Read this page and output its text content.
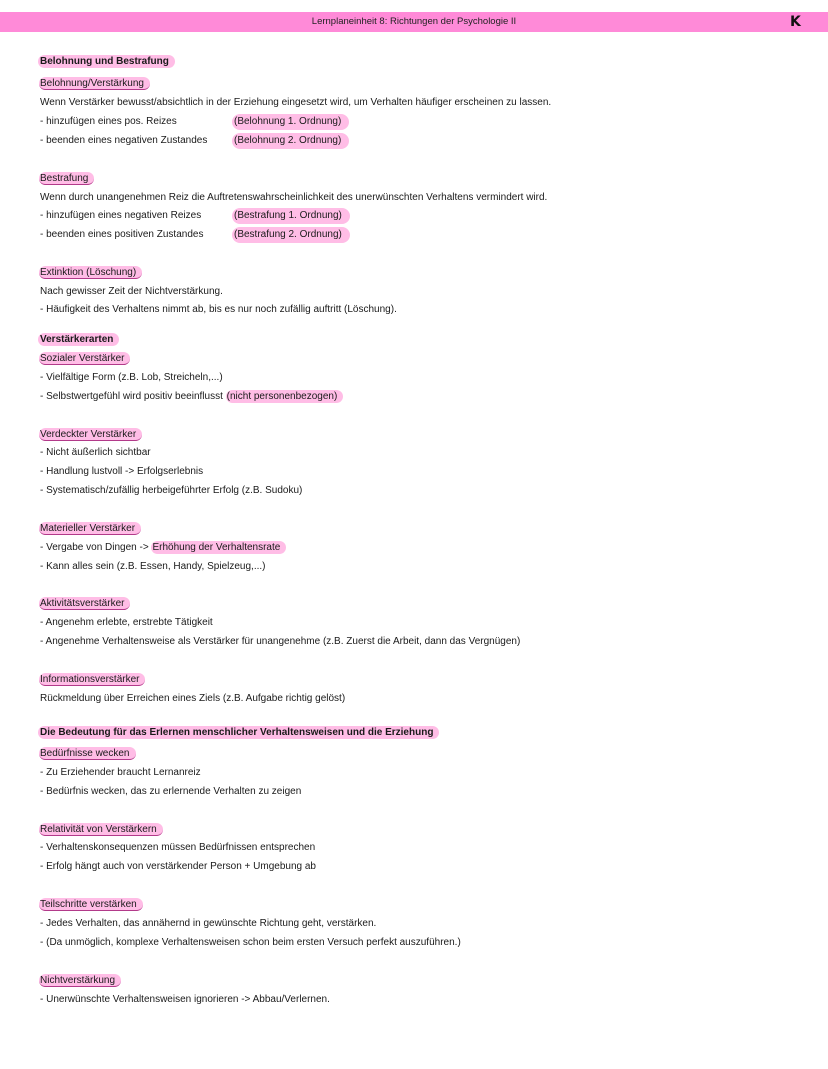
Lernplaneinheit 8: Richtungen der Psychologie II	K
Belohnung und Bestrafung
Belohnung/Verstärkung
Wenn Verstärker bewusst/absichtlich in der Erziehung eingesetzt wird, um Verhalten häufiger erscheinen zu lassen.
- hinzufügen eines pos. Reizes	(Belohnung 1. Ordnung)
- beenden eines negativen Zustandes	(Belohnung 2. Ordnung)
Bestrafung
Wenn durch unangenehmen Reiz die Auftretenswahrscheinlichkeit des unerwünschten Verhaltens vermindert wird.
- hinzufügen eines negativen Reizes	(Bestrafung 1. Ordnung)
- beenden eines positiven Zustandes	(Bestrafung 2. Ordnung)
Extinktion (Löschung)
Nach gewisser Zeit der Nichtverstärkung.
- Häufigkeit des Verhaltens nimmt ab, bis es nur noch zufällig auftritt (Löschung).
Verstärkerarten
Sozialer Verstärker
- Vielfältige Form (z.B. Lob, Streicheln,...)
- Selbstwertgefühl wird positiv beeinflusst (nicht personenbezogen)
Verdeckter Verstärker
- Nicht äußerlich sichtbar
- Handlung lustvoll -> Erfolgserlebnis
- Systematisch/zufällig herbeigeführter Erfolg (z.B. Sudoku)
Materieller Verstärker
- Vergabe von Dingen -> Erhöhung der Verhaltensrate
- Kann alles sein (z.B. Essen, Handy, Spielzeug,...)
Aktivitätsverstärker
- Angenehm erlebte, erstrebte Tätigkeit
- Angenehme Verhaltensweise als Verstärker für unangenehme (z.B. Zuerst die Arbeit, dann das Vergnügen)
Informationsverstärker
Rückmeldung über Erreichen eines Ziels (z.B. Aufgabe richtig gelöst)
Die Bedeutung für das Erlernen menschlicher Verhaltensweisen und die Erziehung
Bedürfnisse wecken
- Zu Erziehender braucht Lernanreiz
- Bedürfnis wecken, das zu erlernende Verhalten zu zeigen
Relativität von Verstärkern
- Verhaltenskonsequenzen müssen Bedürfnissen entsprechen
- Erfolg hängt auch von verstärkender Person + Umgebung ab
Teilschritte verstärken
- Jedes Verhalten, das annähernd in gewünschte Richtung geht, verstärken.
- (Da unmöglich, komplexe Verhaltensweisen schon beim ersten Versuch perfekt auszuführen.)
Nichtverstärkung
- Unerwünschte Verhaltensweisen ignorieren -> Abbau/Verlernen.
